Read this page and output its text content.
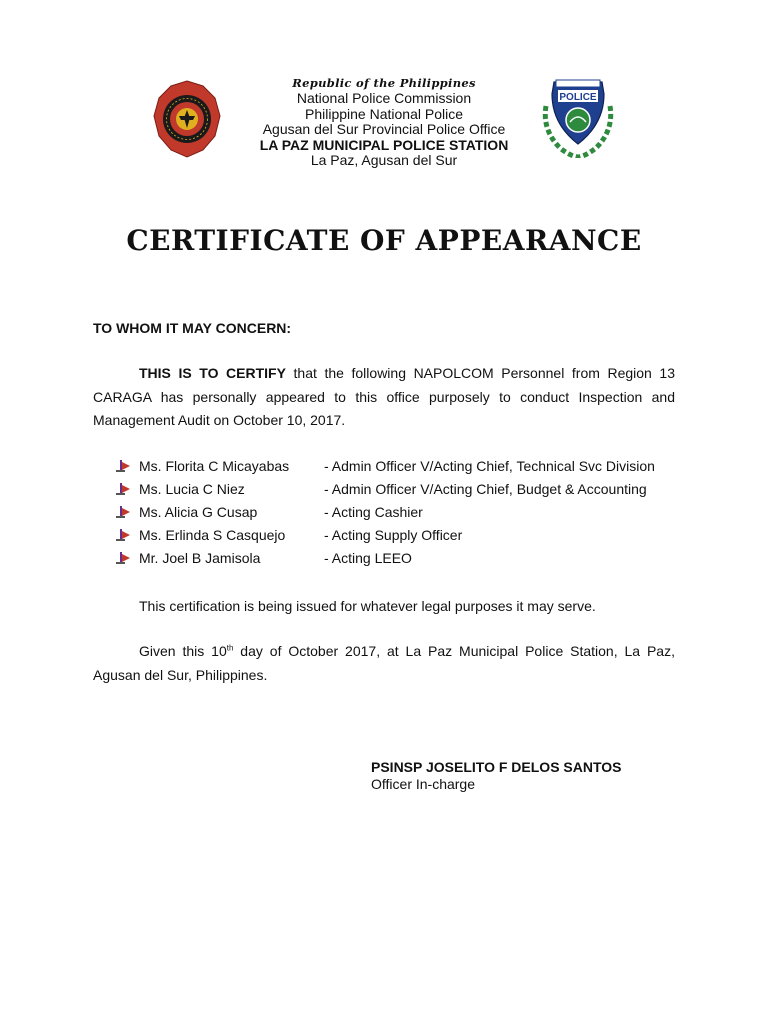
POLICE
Republic of the Philippines
National Police Commission
Philippine National Police
Agusan del Sur Provincial Police Office
LA PAZ MUNICIPAL POLICE STATION
La Paz, Agusan del Sur
CERTIFICATE OF APPEARANCE
TO WHOM IT MAY CONCERN:

THIS IS TO CERTIFY that the following NAPOLCOM Personnel from Region 13 CARAGA has personally appeared to this office purposely to conduct Inspection and Management Audit on October 10, 2017.

Ms. Florita C Micayabas - Admin Officer V/Acting Chief, Technical Svc Division
Ms. Lucia C Niez	- Admin Officer V/Acting Chief, Budget & Accounting
Ms. Alicia G Cusap	- Acting Cashier
Ms. Erlinda S Casquejo	- Acting Supply Officer
Mr. Joel B Jamisola	- Acting LEEO

This certification is being issued for whatever legal purposes it may serve.

Given this 10th day of October 2017, at La Paz Municipal Police Station, La Paz, Agusan del Sur, Philippines.

PSINSP JOSELITO F DELOS SANTOS
Officer In-charge
